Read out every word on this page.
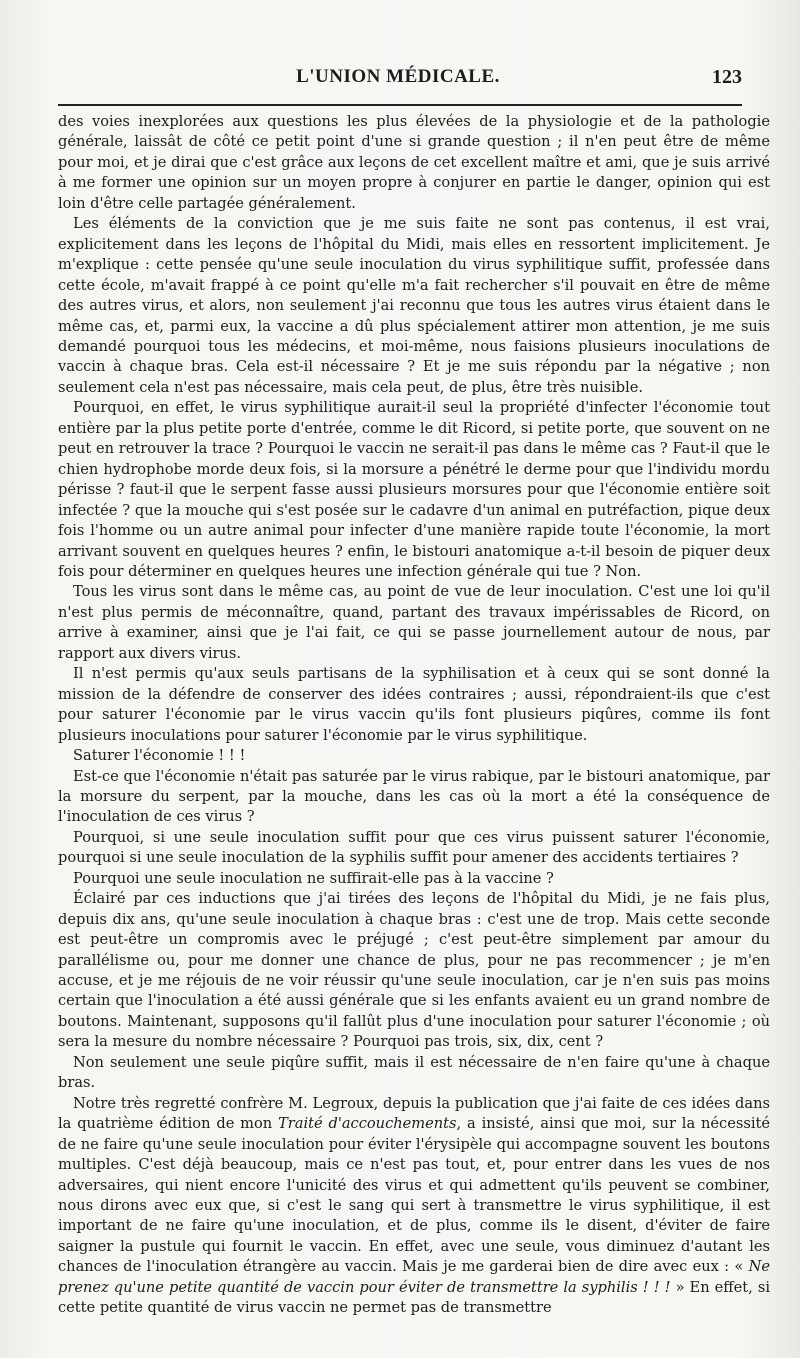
L'UNION MÉDICALE.	123

des voies inexplorées aux questions les plus élevées de la physiologie et de la pathologie générale, laissât de côté ce petit point d'une si grande question ; il n'en peut être de même pour moi, et je dirai que c'est grâce aux leçons de cet excellent maître et ami, que je suis arrivé à me former une opinion sur un moyen propre à conjurer en partie le danger, opinion qui est loin d'être celle partagée généralement.

Les éléments de la conviction que je me suis faite ne sont pas contenus, il est vrai, explicitement dans les leçons de l'hôpital du Midi, mais elles en ressortent implicitement. Je m'explique : cette pensée qu'une seule inoculation du virus syphilitique suffit, professée dans cette école, m'avait frappé à ce point qu'elle m'a fait rechercher s'il pouvait en être de même des autres virus, et alors, non seulement j'ai reconnu que tous les autres virus étaient dans le même cas, et, parmi eux, la vaccine a dû plus spécialement attirer mon attention, je me suis demandé pourquoi tous les médecins, et moi-même, nous faisions plusieurs inoculations de vaccin à chaque bras. Cela est-il nécessaire ? Et je me suis répondu par la négative ; non seulement cela n'est pas nécessaire, mais cela peut, de plus, être très nuisible.

Pourquoi, en effet, le virus syphilitique aurait-il seul la propriété d'infecter l'économie tout entière par la plus petite porte d'entrée, comme le dit Ricord, si petite porte, que souvent on ne peut en retrouver la trace ? Pourquoi le vaccin ne serait-il pas dans le même cas ? Faut-il que le chien hydrophobe morde deux fois, si la morsure a pénétré le derme pour que l'individu mordu périsse ? faut-il que le serpent fasse aussi plusieurs morsures pour que l'économie entière soit infectée ? que la mouche qui s'est posée sur le cadavre d'un animal en putréfaction, pique deux fois l'homme ou un autre animal pour infecter d'une manière rapide toute l'économie, la mort arrivant souvent en quelques heures ? enfin, le bistouri anatomique a-t-il besoin de piquer deux fois pour déterminer en quelques heures une infection générale qui tue ? Non.

Tous les virus sont dans le même cas, au point de vue de leur inoculation. C'est une loi qu'il n'est plus permis de méconnaître, quand, partant des travaux impérissables de Ricord, on arrive à examiner, ainsi que je l'ai fait, ce qui se passe journellement autour de nous, par rapport aux divers virus.

Il n'est permis qu'aux seuls partisans de la syphilisation et à ceux qui se sont donné la mission de la défendre de conserver des idées contraires ; aussi, répondraient-ils que c'est pour saturer l'économie par le virus vaccin qu'ils font plusieurs piqûres, comme ils font plusieurs inoculations pour saturer l'économie par le virus syphilitique.

Saturer l'économie ! ! !

Est-ce que l'économie n'était pas saturée par le virus rabique, par le bistouri anatomique, par la morsure du serpent, par la mouche, dans les cas où la mort a été la conséquence de l'inoculation de ces virus ?

Pourquoi, si une seule inoculation suffit pour que ces virus puissent saturer l'économie, pourquoi si une seule inoculation de la syphilis suffit pour amener des accidents tertiaires ?

Pourquoi une seule inoculation ne suffirait-elle pas à la vaccine ?

Éclairé par ces inductions que j'ai tirées des leçons de l'hôpital du Midi, je ne fais plus, depuis dix ans, qu'une seule inoculation à chaque bras : c'est une de trop. Mais cette seconde est peut-être un compromis avec le préjugé ; c'est peut-être simplement par amour du parallélisme ou, pour me donner une chance de plus, pour ne pas recommencer ; je m'en accuse, et je me réjouis de ne voir réussir qu'une seule inoculation, car je n'en suis pas moins certain que l'inoculation a été aussi générale que si les enfants avaient eu un grand nombre de boutons. Maintenant, supposons qu'il fallût plus d'une inoculation pour saturer l'économie ; où sera la mesure du nombre nécessaire ? Pourquoi pas trois, six, dix, cent ?

Non seulement une seule piqûre suffit, mais il est nécessaire de n'en faire qu'une à chaque bras.

Notre très regretté confrère M. Legroux, depuis la publication que j'ai faite de ces idées dans la quatrième édition de mon Traité d'accouchements, a insisté, ainsi que moi, sur la nécessité de ne faire qu'une seule inoculation pour éviter l'érysipèle qui accompagne souvent les boutons multiples. C'est déjà beaucoup, mais ce n'est pas tout, et, pour entrer dans les vues de nos adversaires, qui nient encore l'unicité des virus et qui admettent qu'ils peuvent se combiner, nous dirons avec eux que, si c'est le sang qui sert à transmettre le virus syphilitique, il est important de ne faire qu'une inoculation, et de plus, comme ils le disent, d'éviter de faire saigner la pustule qui fournit le vaccin. En effet, avec une seule, vous diminuez d'autant les chances de l'inoculation étrangère au vaccin. Mais je me garderai bien de dire avec eux : « Ne prenez qu'une petite quantité de vaccin pour éviter de transmettre la syphilis ! ! ! » En effet, si cette petite quantité de virus vaccin ne permet pas de transmettre
